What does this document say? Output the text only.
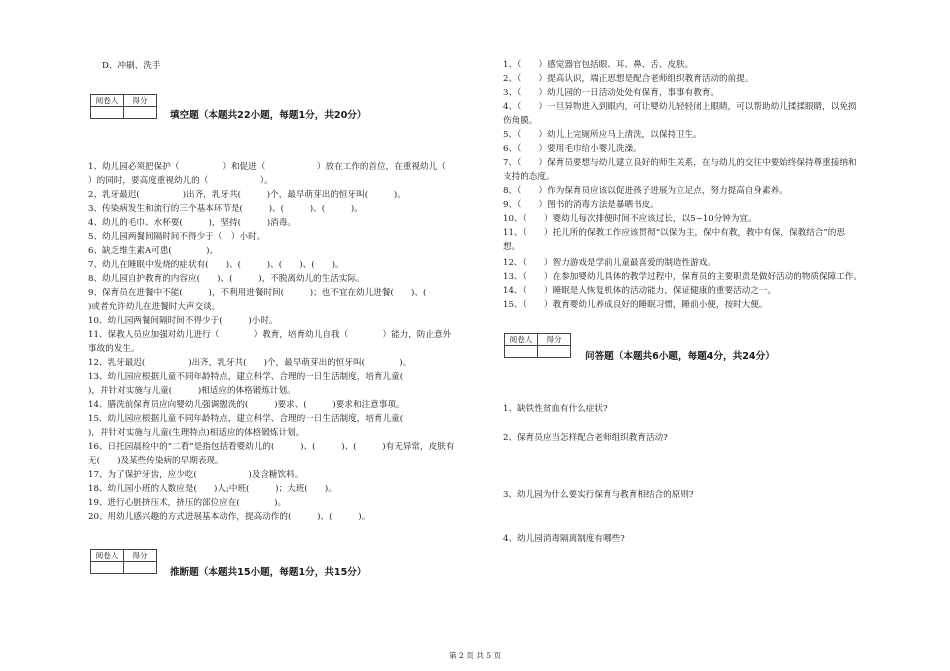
D、冲刷、洗手
阅卷人	得分

填空题（本题共22小题，每题1分，共20分）
1、幼儿园必须把保护（　　　　　）和促进（　　　　　　）放在工作的首位，在重视幼儿（
）的同时，要高度重视幼儿的（　　　　　　）。
2、乳牙最迟(　　　　　)出齐，乳牙共(　　　)个，最早萌芽出的恒牙叫(　　　)。
3、传染病发生和流行的三个基本环节是(　　　)、(　　　)、(　　　)。
4、幼儿的毛巾、水杯要(　　　)，坚持(　　　)消毒。
5、幼儿园两餐间隔时间不得少于（　）小时。
6、缺乏维生素A可患(　　　　)。
7、幼儿在睡眠中发烧的症状有(　　)、(　　　)、(　　)、(　　)。
8、幼儿园自护教育的内容应(　　)、(　　　)，不脱离幼儿的生活实际。
9、保育员在进餐中不能(　　　)，不利用进餐时间(　　　)；也不宜在幼儿进餐(　　)、(　　
)或者允许幼儿在进餐时大声交谈。
10、幼儿园两餐间隔时间不得少于(　　　)小时。
11、保教人员应加强对幼儿进行（　　　　）教育，培育幼儿自我（　　　　）能力，防止意外
事故的发生。
12、乳牙最迟(　　　　　)出齐，乳牙共(　　)个，最早萌芽出的恒牙叫(　　　　)。
13、幼儿园应根据儿童不同年龄特点，建立科学、合理的一日生活制度，培育儿童(
)，并针对实施与儿童(　　　)相适应的体格锻炼计划。
14、膳洗前保育员应向婴幼儿强调盥洗的(　　　)要求、(　　　)要求和注意事项。
15、幼儿园应根据儿童不同年龄特点，建立科学、合理的一日生活制度，培育儿童(
)，并针对实施与儿童(生理特点)相适应的体格锻炼计划。
16、日托园晨检中的“二看”是指包括看婴幼儿的(　　　)、(　　　)、(　　　)有无异常，皮肤有
无(　　)及某些传染病的早期表现。
17、为了保护牙齿，应少吃(　　　　　　)及含糖饮料。
18、幼儿园小班的人数应是(　　)人;中班(　　　)；大班(　　)。
19、进行心脏挤压术，挤压的部位应在(　　　　)。
20、用幼儿感兴趣的方式进展基本动作，提高动作的(　　　)、(　　　)。
阅卷人	得分

推断题（本题共15小题，每题1分，共15分）
1、（　　）感觉器官包括眼、耳、鼻、舌、皮肤。
2、（　　）提高认识，端正思想是配合老师组织教育活动的前提。
3、（　　）幼儿园的一日活动处处有保育，事事有教育。
4、（　　）一旦异物进入到眼内，可让婴幼儿轻轻闭上眼睛，可以帮助幼儿揉揉眼睛，以免损
伤角膜。
5、（　　）幼儿上完厕所应马上清洗，以保持卫生。
6、（　　）要用毛巾给小婴儿洗澡。
7、（　　）保育员要想与幼儿建立良好的师生关系，在与幼儿的交往中要始终保持尊重接纳和
支持的态度。
8、（　　）作为保育员应该以促进孩子进展为立足点，努力提高自身素养。
9、（　　）图书的消毒方法是暴晒书皮。
10、（　　）婴幼儿每次排便时间不应该过长，以5~10分钟为宜。
11、（　　）托儿所的保教工作应该贯彻“以保为主，保中有教，教中有保，保教结合”的思
想。
12、（　　）智力游戏是学前儿童最喜爱的制造性游戏。
13、（　　）在参加婴幼儿具体的教学过程中，保育员的主要职责是做好活动的物质保障工作。
14、（　　）睡眠是人恢复机体的活动能力，保证健康的重要活动之一。
15、（　　）教育婴幼儿养成良好的睡眠习惯，睡前小便，按时大便。
阅卷人	得分

问答题（本题共6小题，每题4分，共24分）
1、缺铁性贫血有什么症状?
2、保育员应当怎样配合老师组织教育活动?
3、幼儿园为什么要实行保育与教育相结合的原则?
4、幼儿园消毒隔离制度有哪些?
第 2 页 共 5 页
